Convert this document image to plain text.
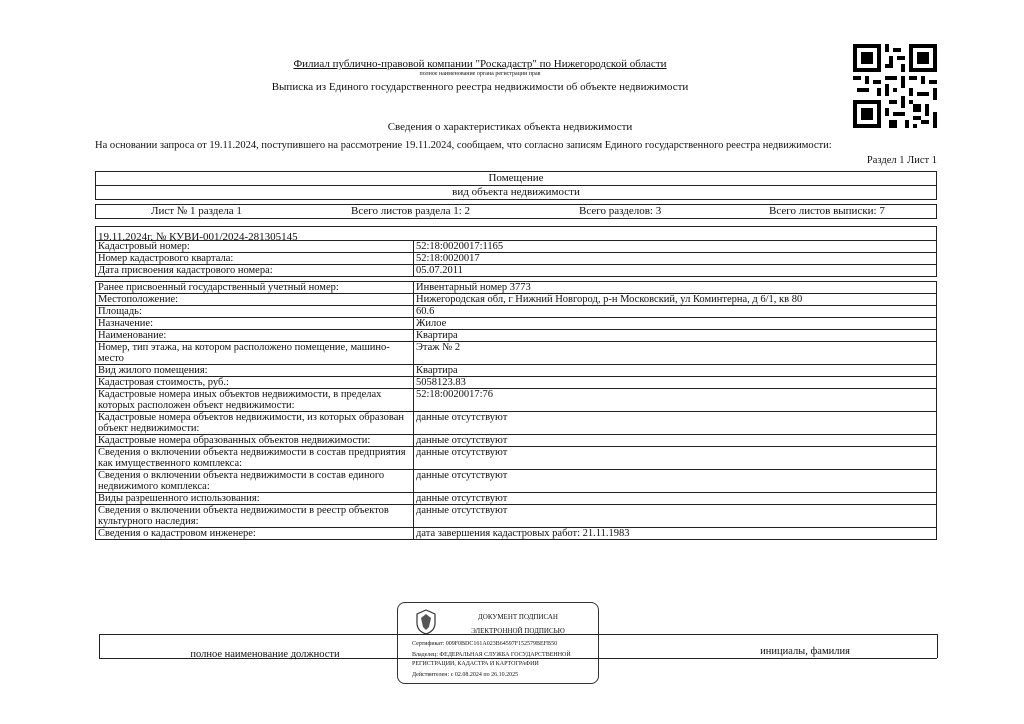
Филиал публично-правовой компании "Роскадастр" по Нижегородской области
полное наименование органа регистрации прав
Выписка из Единого государственного реестра недвижимости об объекте недвижимости
Сведения о характеристиках объекта недвижимости
На основании запроса от 19.11.2024, поступившего на рассмотрение 19.11.2024, сообщаем, что согласно записям Единого государственного реестра недвижимости:
Раздел 1 Лист 1
Помещение
вид объекта недвижимости
Лист № 1 раздела 1	Всего листов раздела 1: 2	Всего разделов: 3	Всего листов выписки: 7
19.11.2024г. № КУВИ-001/2024-281305145
Кадастровый номер:	52:18:0020017:1165
Номер кадастрового квартала:	52:18:0020017
Дата присвоения кадастрового номера:	05.07.2011

Ранее присвоенный государственный учетный номер:	Инвентарный номер 3773
Местоположение:	Нижегородская обл, г Нижний Новгород, р-н Московский, ул Коминтерна, д 6/1, кв 80
Площадь:	60.6
Назначение:	Жилое
Наименование:	Квартира
Номер, тип этажа, на котором расположено помещение, машино-место	Этаж № 2
Вид жилого помещения:	Квартира
Кадастровая стоимость, руб.:	5058123.83
Кадастровые номера иных объектов недвижимости, в пределах которых расположен объект недвижимости:	52:18:0020017:76
Кадастровые номера объектов недвижимости, из которых образован объект недвижимости:	данные отсутствуют
Кадастровые номера образованных объектов недвижимости:	данные отсутствуют
Сведения о включении объекта недвижимости в состав предприятия как имущественного комплекса:	данные отсутствуют
Сведения о включении объекта недвижимости в состав единого недвижимого комплекса:	данные отсутствуют
Виды разрешенного использования:	данные отсутствуют
Сведения о включении объекта недвижимости в реестр объектов культурного наследия:	данные отсутствуют
Сведения о кадастровом инженере:	дата завершения кадастровых работ: 21.11.1983
ДОКУМЕНТ ПОДПИСАН
ЭЛЕКТРОННОЙ ПОДПИСЬЮ
Сертификат: 009F0BDC161A023B64597F152579BEFB50
Владелец: ФЕДЕРАЛЬНАЯ СЛУЖБА ГОСУДАРСТВЕННОЙ РЕГИСТРАЦИИ, КАДАСТРА И КАРТОГРАФИИ
Действителен: с 02.08.2024 по 26.10.2025
полное наименование должности	инициалы, фамилия
